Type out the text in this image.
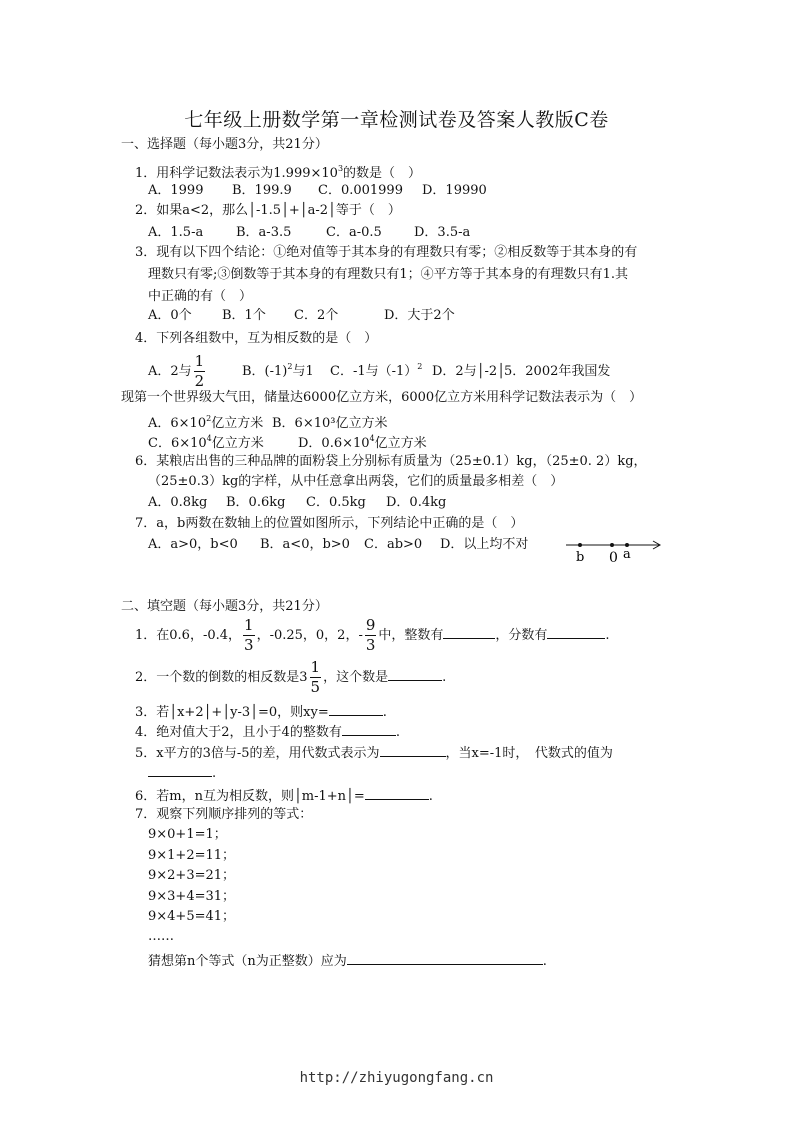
七年级上册数学第一章检测试卷及答案人教版C卷
一、选择题（每小题3分，共21分）
1．用科学记数法表示为$1.999\times 10^3$的数是（　）
A．1999 B．199.9 C．0.001999 D．19990
2．如果a<2，那么│-1.5│+│a-2│等于（　）
A．1.5-a	B．a-3.5	C．a-0.5 D．3.5-a
3．现有以下四个结论：①绝对值等于其本身的有理数只有零；②相反数等于其本身的有
理数只有零;③倒数等于其本身的有理数只有1；④平方等于其本身的有理数只有1.其
中正确的有（　）
A．0个 B．1个 C．2个	D．大于2个
4．下列各组数中，互为相反数的是（　）
A．2与 $\frac{1}{2}$	B．$(-1)^2$与1 C．-1与$(-1)^2$ D．2与│-2│5．2002年我国发
现第一个世界级大气田，储量达6000亿立方米，6000亿立方米用科学记数法表示为（　）
A．$6\times 10^2$亿立方米 B．6×10³亿立方米
C．$6\times 10^4$亿立方米	D．$0.6\times 10^4$亿立方米
6．某粮店出售的三种品牌的面粉袋上分别标有质量为（25±0.1）kg，（25±0. 2）kg，
（25±0.3）kg的字样，从中任意拿出两袋，它们的质量最多相差（　）
A．0.8kg B．0.6kg C．0.5kg D．0.4kg
7．a，b两数在数轴上的位置如图所示，下列结论中正确的是（　）
A．a>0，b<0 B．a<0，b>0 C．ab>0 D．以上均不对
b 0 a
二、填空题（每小题3分，共21分）
1．在0.6，-0.4， $\frac{1}{3}$ ，-0.25，0，2，- $\frac{9}{3}$ 中，整数有	，分数有	.
2．一个数的倒数的相反数是$3 \frac{1}{5}$ ，这个数是	.
3．若│x+2│+│y-3│=0，则xy=	.
4．绝对值大于2，且小于4的整数有	.
5．x平方的3倍与-5的差，用代数式表示为	，当x=-1时，　代数式的值为
.
6．若m，n互为相反数，则│m-1+n│=	.
7．观察下列顺序排列的等式：
9×0+1=1；
9×1+2=11；
9×2+3=21；
9×3+4=31；
9×4+5=41；
……
猜想第n个等式（n为正整数）应为	.
http://zhiyugongfang.cn
